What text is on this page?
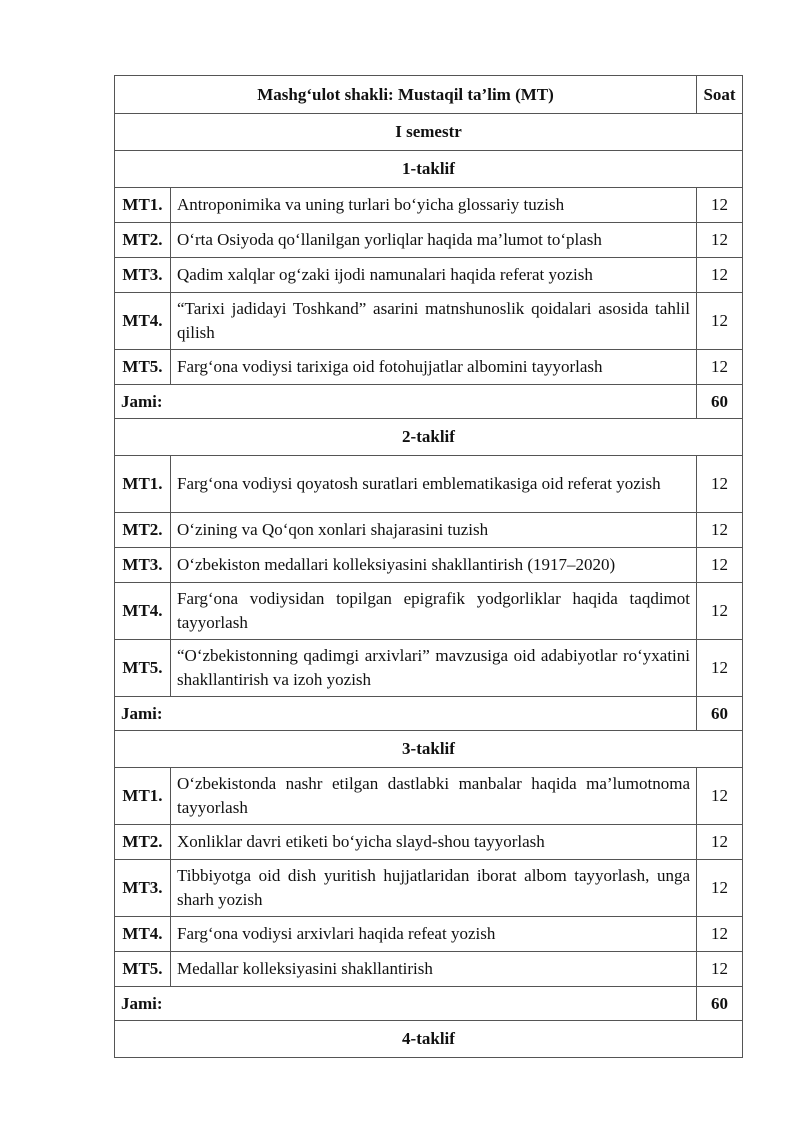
Mashg‘ulot shakli: Mustaqil ta’lim (MT)		Soat
I semestr		
1-taklif		
MT1.	Antroponimika va uning turlari bo‘yicha glossariy tuzish	12
MT2.	O‘rta Osiyoda qo‘llanilgan yorliqlar haqida ma’lumot to‘plash	12
MT3.	Qadim xalqlar og‘zaki ijodi namunalari haqida referat yozish	12
MT4.	“Tarixi jadidayi Toshkand” asarini matnshunoslik qoidalari asosida tahlil qilish	12
MT5.	Farg‘ona vodiysi tarixiga oid fotohujjatlar albomini tayyorlash	12
Jami:		60
2-taklif		
MT1.	Farg‘ona vodiysi qoyatosh suratlari emblematikasiga oid referat yozish	12
MT2.	O‘zining va Qo‘qon xonlari shajarasini tuzish	12
MT3.	O‘zbekiston medallari kolleksiyasini shakllantirish (1917–2020)	12
MT4.	Farg‘ona vodiysidan topilgan epigrafik yodgorliklar haqida taqdimot tayyorlash	12
MT5.	“O‘zbekistonning qadimgi arxivlari” mavzusiga oid adabiyotlar ro‘yxatini shakllantirish va izoh yozish	12
Jami:		60
3-taklif		
MT1.	O‘zbekistonda nashr etilgan dastlabki manbalar haqida ma’lumotnoma tayyorlash	12
MT2.	Xonliklar davri etiketi bo‘yicha slayd-shou tayyorlash	12
MT3.	Tibbiyotga oid dish yuritish hujjatlaridan iborat albom tayyorlash, unga sharh yozish	12
MT4.	Farg‘ona vodiysi arxivlari haqida refeat yozish	12
MT5.	Medallar kolleksiyasini shakllantirish	12
Jami:		60
4-taklif		
